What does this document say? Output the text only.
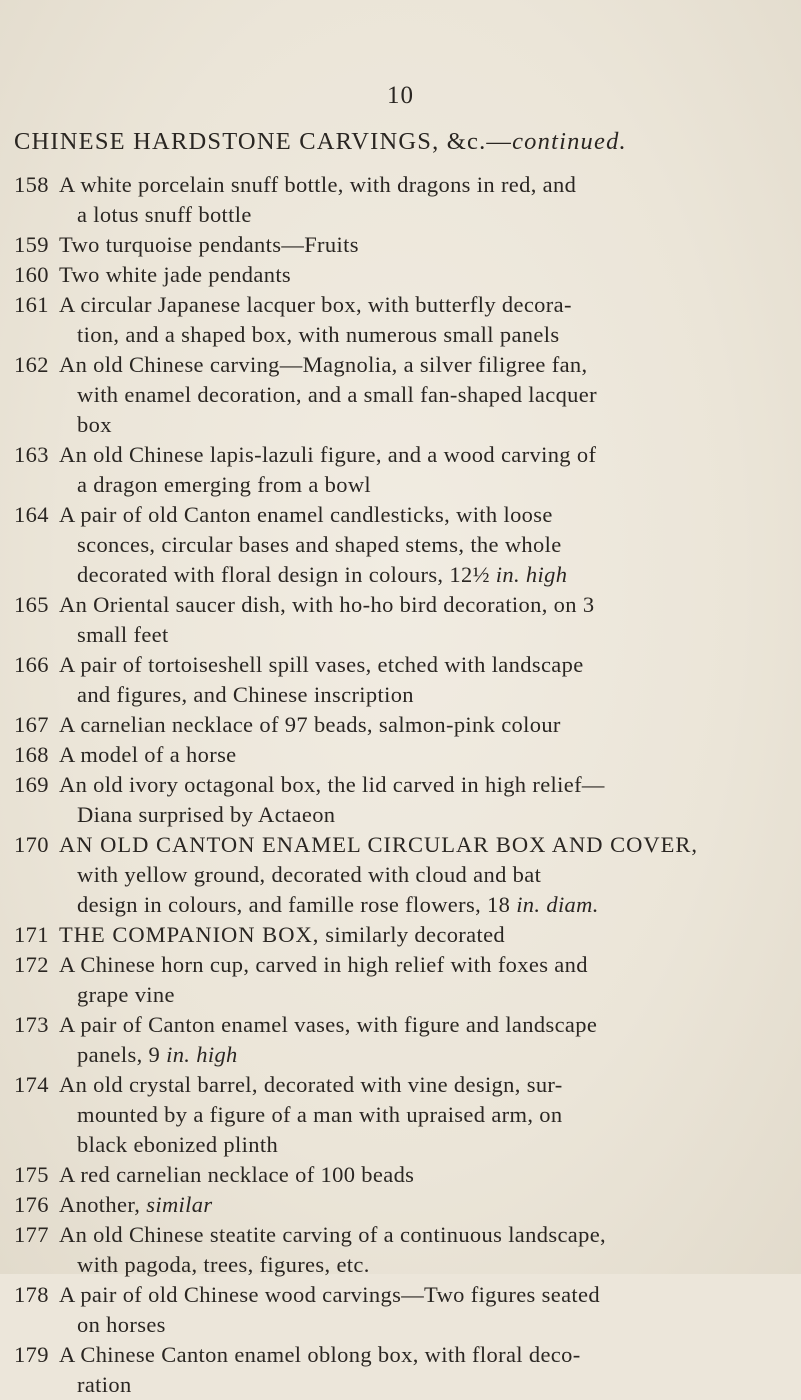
10
CHINESE HARDSTONE CARVINGS, &c.—continued.
158 A white porcelain snuff bottle, with dragons in red, and
a lotus snuff bottle
159 Two turquoise pendants—Fruits
160 Two white jade pendants
161 A circular Japanese lacquer box, with butterfly decora-
tion, and a shaped box, with numerous small panels
162 An old Chinese carving—Magnolia, a silver filigree fan,
with enamel decoration, and a small fan-shaped lacquer
box
163 An old Chinese lapis-lazuli figure, and a wood carving of
a dragon emerging from a bowl
164 A pair of old Canton enamel candlesticks, with loose
sconces, circular bases and shaped stems, the whole
decorated with floral design in colours, 12½ in. high
165 An Oriental saucer dish, with ho-ho bird decoration, on 3
small feet
166 A pair of tortoiseshell spill vases, etched with landscape
and figures, and Chinese inscription
167 A carnelian necklace of 97 beads, salmon-pink colour
168 A model of a horse
169 An old ivory octagonal box, the lid carved in high relief—
Diana surprised by Actaeon
170 AN OLD CANTON ENAMEL CIRCULAR BOX AND COVER,
with yellow ground, decorated with cloud and bat
design in colours, and famille rose flowers, 18 in. diam.
171 THE COMPANION BOX, similarly decorated
172 A Chinese horn cup, carved in high relief with foxes and
grape vine
173 A pair of Canton enamel vases, with figure and landscape
panels, 9 in. high
174 An old crystal barrel, decorated with vine design, sur-
mounted by a figure of a man with upraised arm, on
black ebonized plinth
175 A red carnelian necklace of 100 beads
176 Another, similar
177 An old Chinese steatite carving of a continuous landscape,
with pagoda, trees, figures, etc.
178 A pair of old Chinese wood carvings—Two figures seated
on horses
179 A Chinese Canton enamel oblong box, with floral deco-
ration
